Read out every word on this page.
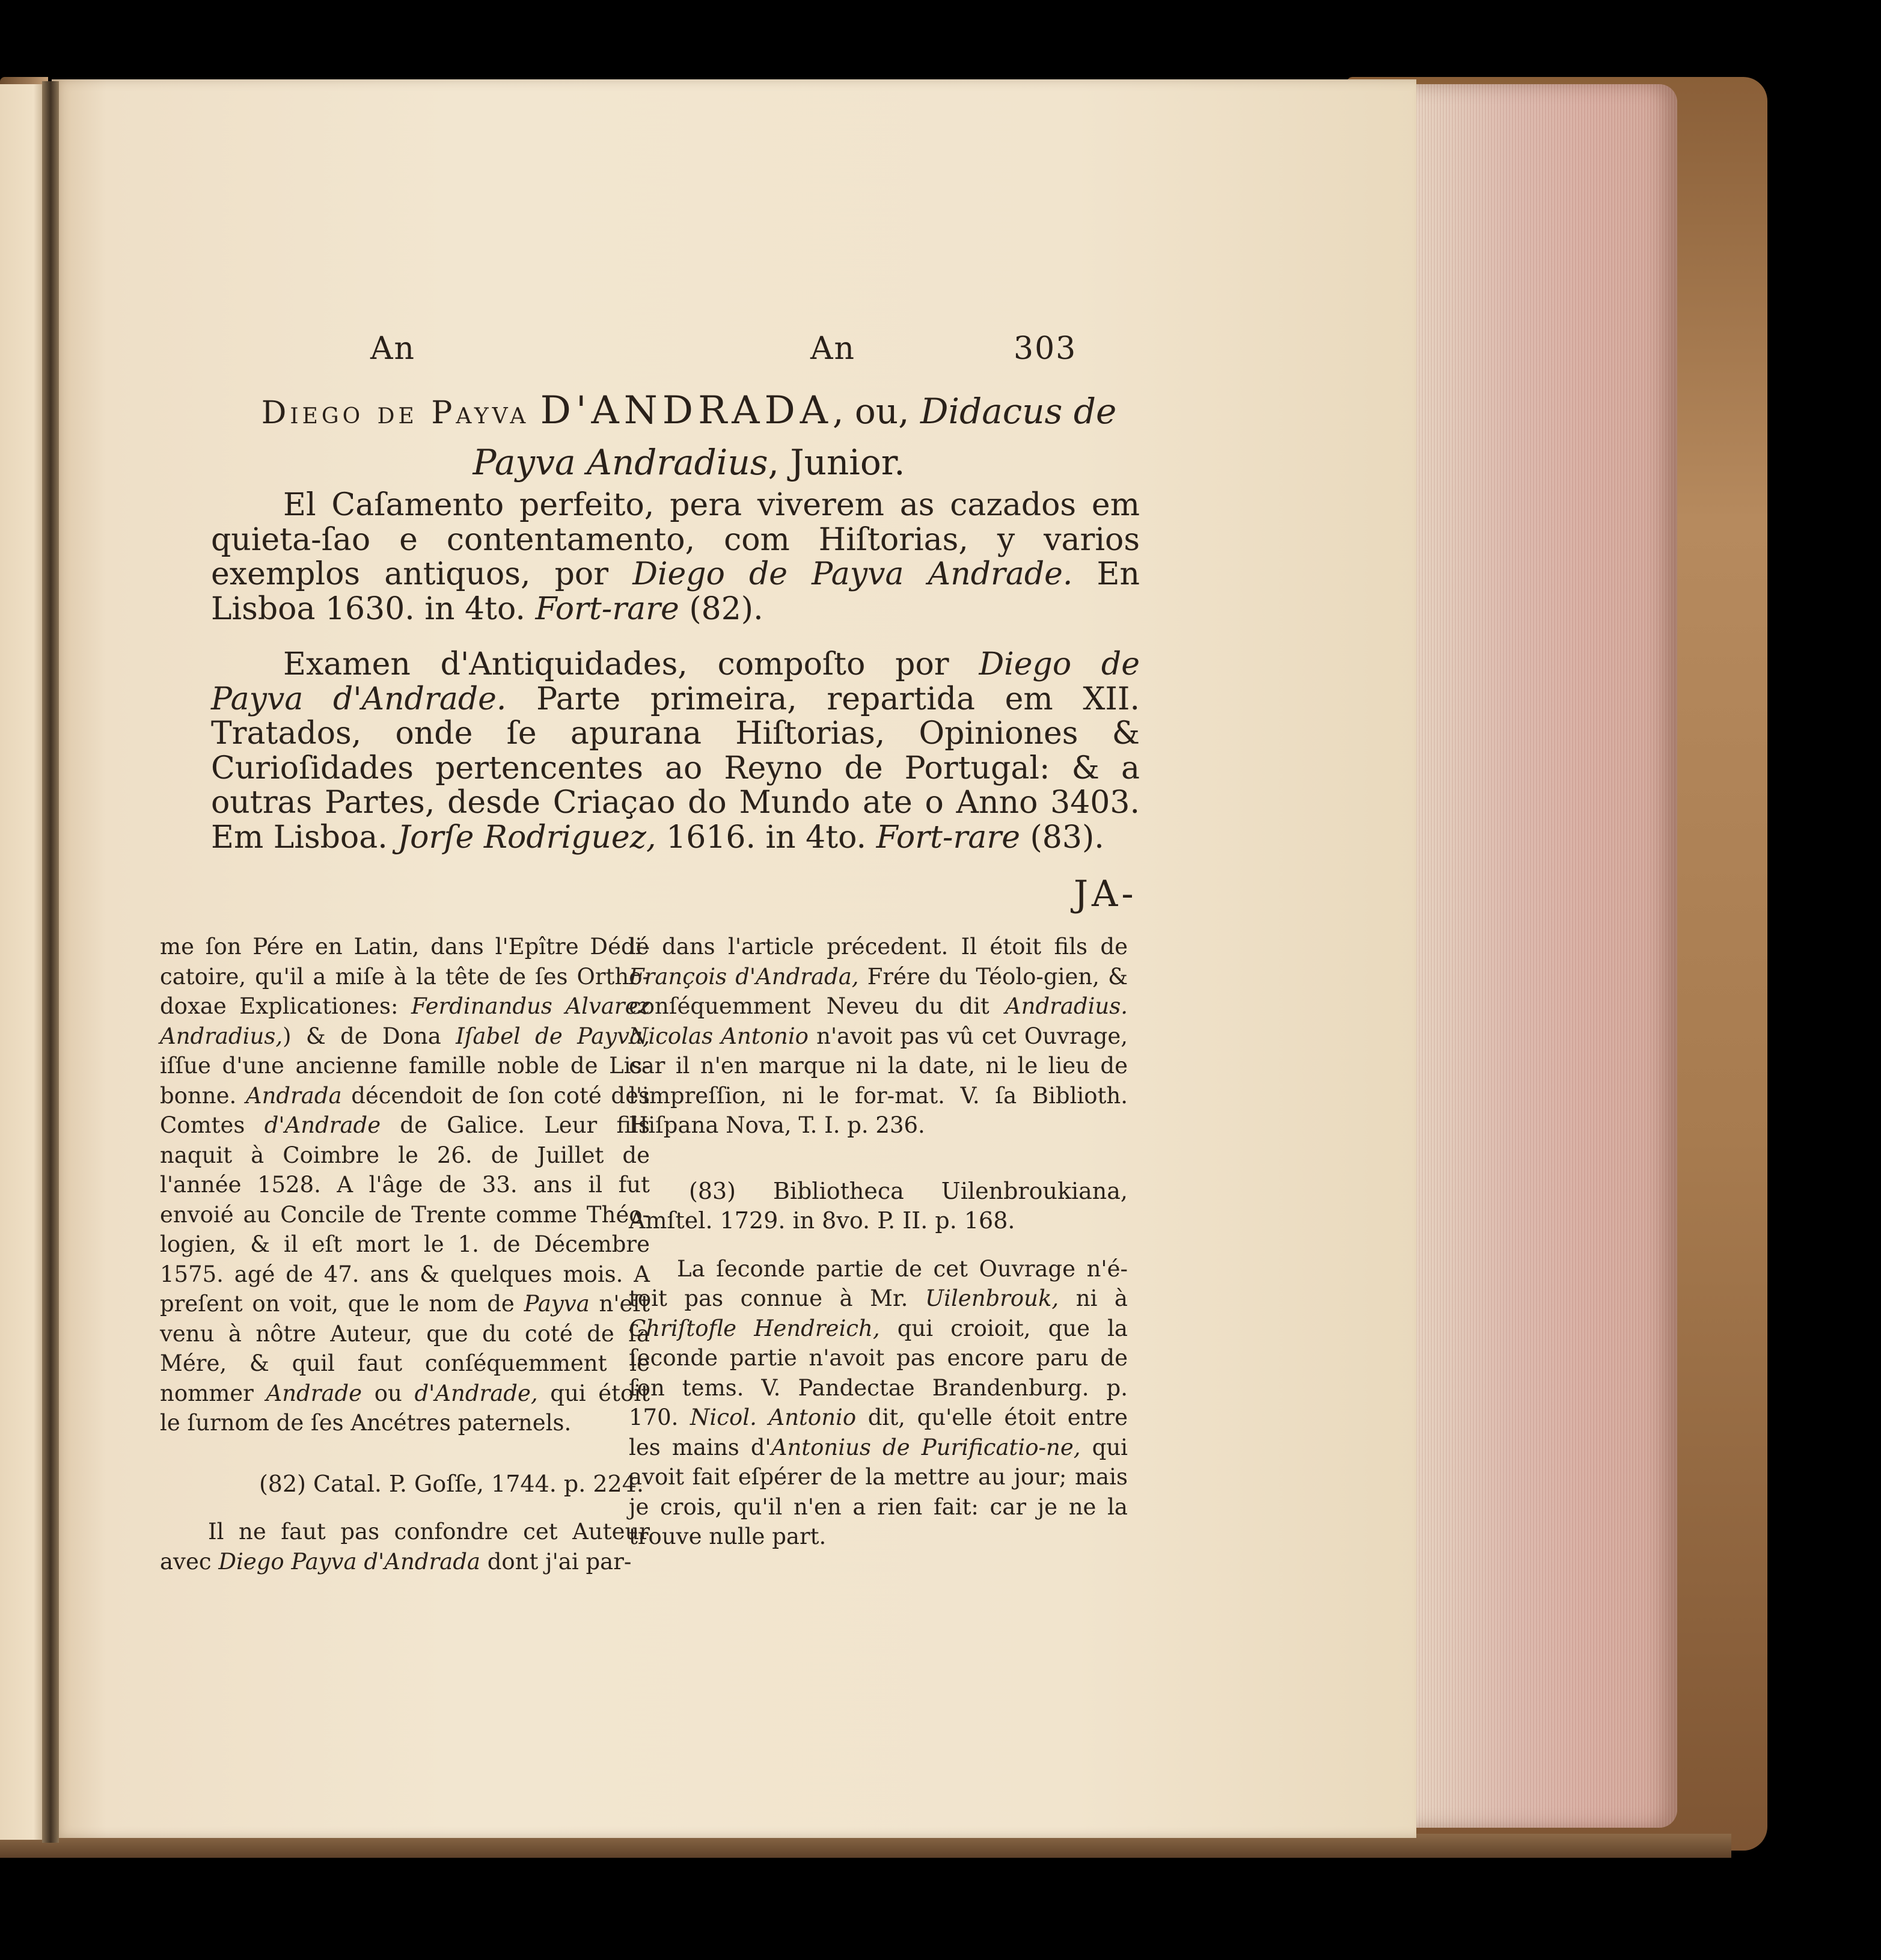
An	An	303
Diego de Payva D'ANDRADA, ou, Didacus de Payva Andradius, Junior.
El Caſamento perfeito, pera viverem as cazados em quieta-ſao e contentamento, com Hiſtorias, y varios exemplos antiquos, por Diego de Payva Andrade. En Lisboa 1630. in 4to. Fort-rare (82).
Examen d'Antiquidades, compoſto por Diego de Payva d'Andrade. Parte primeira, repartida em XII. Tratados, onde ſe apurana Hiſtorias, Opiniones & Curioſidades pertencentes ao Reyno de Portugal: & a outras Partes, desde Criaçao do Mundo ate o Anno 3403. Em Lisboa. Jorſe Rodriguez, 1616. in 4to. Fort-rare (83).
JA-

me ſon Pére en Latin, dans l'Epître Dédi-catoire, qu'il a miſe à la tête de ſes Ortho-doxae Explicationes: Ferdinandus Alvarez Andradius,) & de Dona Iſabel de Payva, iſſue d'une ancienne famille noble de Lis-bonne. Andrada décendoit de ſon coté des Comtes d'Andrade de Galice. Leur fils naquit à Coimbre le 26. de Juillet de l'année 1528. A l'âge de 33. ans il fut envoié au Concile de Trente comme Théo-logien, & il eſt mort le 1. de Décembre 1575. agé de 47. ans & quelques mois. A preſent on voit, que le nom de Payva n'eſt venu à nôtre Auteur, que du coté de ſa Mére, & quil faut conſéquemment le nommer Andrade ou d'Andrade, qui étoit le ſurnom de ſes Ancétres paternels.

(82) Catal. P. Goſſe, 1744. p. 224.

Il ne faut pas confondre cet Auteur avec Diego Payva d'Andrada dont j'ai par-

lé dans l'article précedent. Il étoit fils de François d'Andrada, Frére du Téolo-gien, & conſéquemment Neveu du dit Andradius. Nicolas Antonio n'avoit pas vû cet Ouvrage, car il n'en marque ni la date, ni le lieu de l'impreſſion, ni le for-mat. V. ſa Biblioth. Hiſpana Nova, T. I. p. 236.

(83) Bibliotheca Uilenbroukiana, Amſtel. 1729. in 8vo. P. II. p. 168.

La ſeconde partie de cet Ouvrage n'é-toit pas connue à Mr. Uilenbrouk, ni à Chriſtofle Hendreich, qui croioit, que la ſeconde partie n'avoit pas encore paru de ſon tems. V. Pandectae Brandenburg. p. 170. Nicol. Antonio dit, qu'elle étoit entre les mains d'Antonius de Purificatio-ne, qui avoit fait eſpérer de la mettre au jour; mais je crois, qu'il n'en a rien fait: car je ne la trouve nulle part.
